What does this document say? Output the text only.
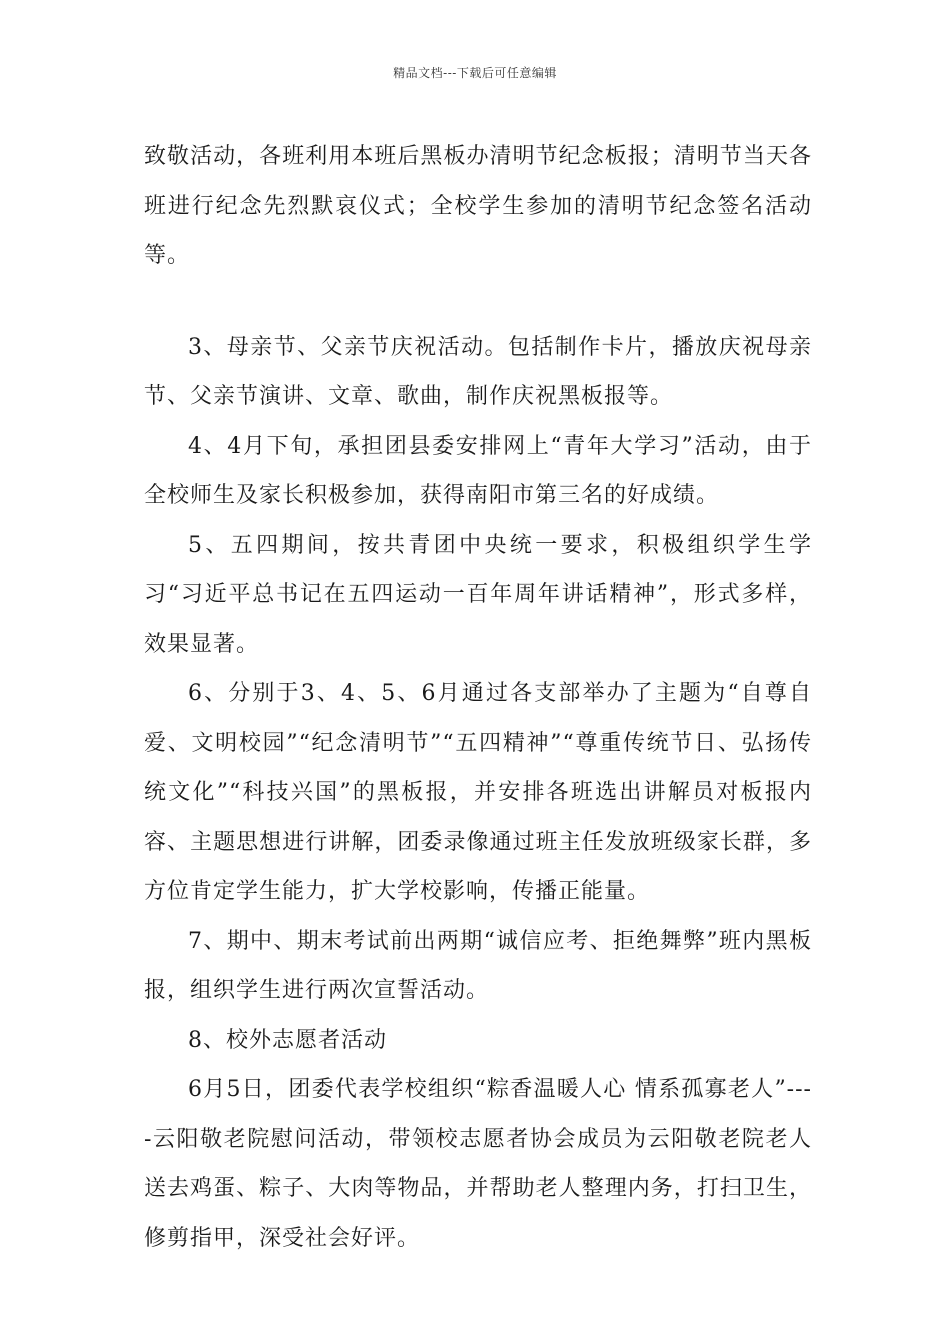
精品文档---下载后可任意编辑

致敬活动，各班利用本班后黑板办清明节纪念板报；清明节当天各班进行纪念先烈默哀仪式；全校学生参加的清明节纪念签名活动等。

3、母亲节、父亲节庆祝活动。包括制作卡片，播放庆祝母亲节、父亲节演讲、文章、歌曲，制作庆祝黑板报等。

4、4月下旬，承担团县委安排网上“青年大学习”活动，由于全校师生及家长积极参加，获得南阳市第三名的好成绩。

5、五四期间，按共青团中央统一要求，积极组织学生学习“习近平总书记在五四运动一百年周年讲话精神”，形式多样，效果显著。

6、分别于3、4、5、6月通过各支部举办了主题为“自尊自爱、文明校园”“纪念清明节”“五四精神”“尊重传统节日、弘扬传统文化”“科技兴国”的黑板报，并安排各班选出讲解员对板报内容、主题思想进行讲解，团委录像通过班主任发放班级家长群，多方位肯定学生能力，扩大学校影响，传播正能量。

7、期中、期末考试前出两期“诚信应考、拒绝舞弊”班内黑板报，组织学生进行两次宣誓活动。

8、校外志愿者活动

6月5日，团委代表学校组织“粽香温暖人心 情系孤寡老人”----云阳敬老院慰问活动，带领校志愿者协会成员为云阳敬老院老人送去鸡蛋、粽子、大肉等物品，并帮助老人整理内务，打扫卫生，修剪指甲，深受社会好评。
